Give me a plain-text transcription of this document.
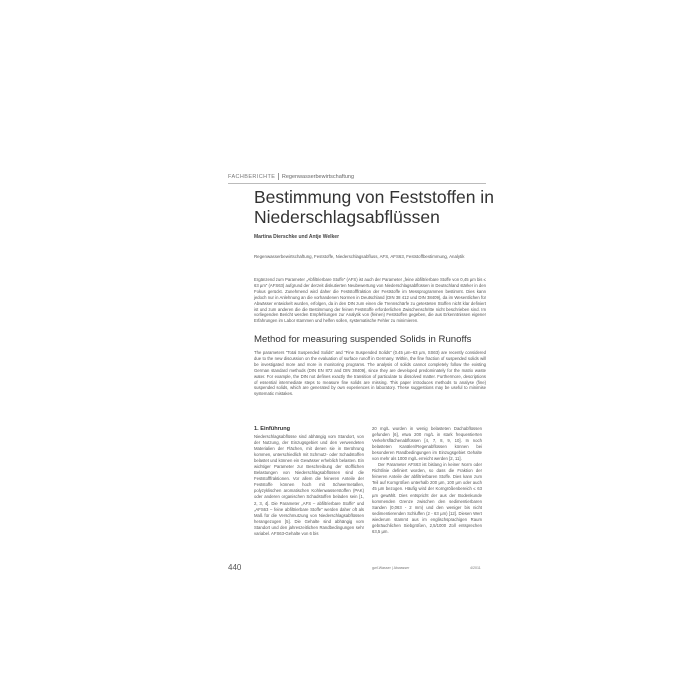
FACHBERICHTE Regenwasserbewirtschaftung
Bestimmung von Feststoffen in Niederschlagsabflüssen
Martina Dierschke und Antje Welker
Regenwasserbewirtschaftung, Feststoffe, Niederschlagsabfluss, AFS, AFS63, Feststoffbestimmung, Analytik
Ergänzend zum Parameter „Abfiltrierbare Stoffe“ (AFS) ist auch der Parameter „feine abfiltrierbare Stoffe von 0,45 µm bis ≤ 63 µm“ (AFS63) aufgrund der derzeit diskutierten Neubewertung von Niederschlagsabflüssen in Deutschland stärker in den Fokus gerückt. Zunehmend wird daher die Feststofffraktion der Feststoffe im Messprogrammen bestimmt. Dies kann jedoch nur in Anlehnung an die vorhandenen Normen in Deutschland (DIN 38 412 und DIN 38409), da im Wesentlichen für Abwässer entwickelt wurden, erfolgen, da in den DIN zum einen die Trennschärfe zu getesteten Stoffen nicht klar definiert ist und zum anderen die die Bestimmung der feinen Feststoffe erforderlichen Zwischenschritte nicht beschrieben sind. Im vorliegenden Bericht werden Empfehlungen zur Analytik von (feinen) Feststoffen gegeben, die aus Erkenntnissen eigener Erfahrungen im Labor stammen und helfen sollen, systematische Fehler zu minimieren.
Method for measuring suspended Solids in Runoffs
The parameters "Total Suspended Solids" and "Fine Suspended Solids" (0.45 µm–63 µm, SS63) are recently considered due to the new discussion on the evaluation of surface runoff in Germany. Within, the fine fraction of suspended solids will be investigated more and more in monitoring programs. The analysis of solids cannot completely follow the existing German standard methods (DIN EN 872 and DIN 38409), since they are developed predominately for the matrix waste water. For example, the DIN not defines exactly the transition of particulate to dissolved matter. Furthermore, descriptions of essential intermediate steps to measure fine solids are missing. This paper introduces methods to analyse (fine) suspended solids, which are generated by own experiences in laboratory. These suggestions may be useful to minimise systematic mistakes.
1. Einführung

Niederschlagsabflüsse sind abhängig vom Standort, von der Nutzung, der Einzugsgebiet und den verwendeten Materialien der Flächen, mit denen sie in Berührung kommen, unterschiedlich mit Schmutz- oder Schadstoffen belastet und können ein Gewässer erheblich belasten. Ein wichtiger Parameter zur Beschreibung der stofflichen Belastungen von Niederschlagsabflüssen sind die Feststofffraktionen. Vor allem die feineren Anteile der Feststoffe können hoch mit Schwermetallen, polyzyklischen aromatischen Kohlenwasserstoffen (PAK) oder anderen organischen Schadstoffen beladen sein [1, 2, 3, 4]. Die Parameter „AFS – abfiltrierbare Stoffe“ und „AFS63 – feine abfiltrierbare Stoffe“ werden daher oft als Maß für die Verschmutzung von Niederschlagsabflüssen herangezogen [5]. Die Gehalte sind abhängig vom Standort und den jahreszeitlichen Randbedingungen sehr variabel. AFS63-Gehalte von 6 bis

20 mg/L wurden in wenig belasteten Dachabflüssen gefunden [6], etwa 200 mg/L in stark frequentierten Verkehrsflächenabflüssen [4, 7, 8, 9, 10]. In noch belasteten Kanälen/Regenabflüssen können bei besonderen Randbedingungen im Einzugsgebiet Gehalte von mehr als 1000 mg/L erreicht werden [2, 11].

Der Parameter AFS63 ist bislang in keiner Norm oder Richtlinie definiert worden, so dass die Fraktion der feineren Anteile der abfiltrierbaren Stoffe. Dies kann zum Teil auf Korngrößen unterhalb 200 µm, 100 µm oder auch 45 µm bezogen. Häufig wird der Korngrößenbereich ≤ 63 µm gewählt. Dies entspricht der aus der Bodenkunde kommenden Grenze zwischen den sedimentierbaren Sanden (0,063 - 2 mm) und den weniger bis nicht sedimentierenden Schluffen (2 - 63 µm) [12]. Diesen Wert wiederum stammt aus im englischsprachigen Raum gebräuchlichen Siebgrößen, 2,5/1000 Zoll entsprechen 63,5 µm.

440	gwf-Wasser | Abwasser	4/2011
